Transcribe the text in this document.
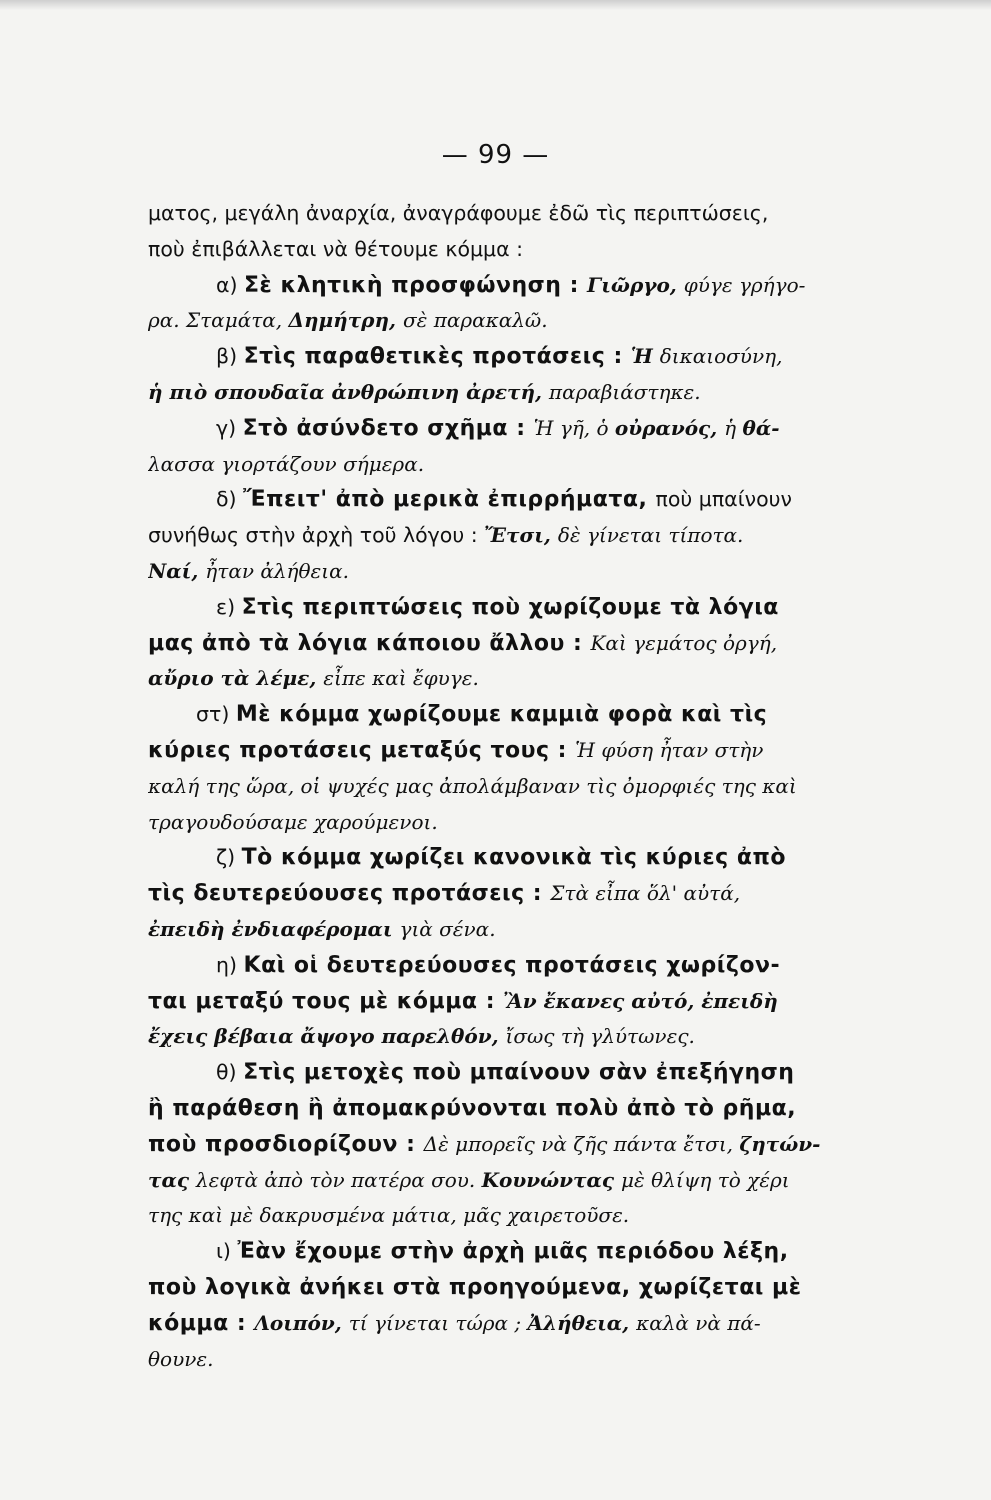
— 99 —
ματος, μεγάλη ἀναρχία, ἀναγράφουμε ἐδῶ τὶς περιπτώσεις,
ποὺ ἐπιβάλλεται νὰ θέτουμε κόμμα :
α) Σὲ κλητικὴ προσφώνηση : Γιῶργο, φύγε γρήγο-
ρα. Σταμάτα, Δημήτρη, σὲ παρακαλῶ.
β) Στὶς παραθετικὲς προτάσεις : Ἡ δικαιοσύνη,
ἡ πιὸ σπουδαῖα ἀνθρώπινη ἀρετή, παραβιάστηκε.
γ) Στὸ ἀσύνδετο σχῆμα : Ἡ γῆ, ὁ οὐρανός, ἡ θά-
λασσα γιορτάζουν σήμερα.
δ) Ἔπειτ' ἀπὸ μερικὰ ἐπιρρήματα, ποὺ μπαίνουν
συνήθως στὴν ἀρχὴ τοῦ λόγου : Ἔτσι, δὲ γίνεται τίποτα.
Ναί, ἦταν ἀλήθεια.
ε) Στὶς περιπτώσεις ποὺ χωρίζουμε τὰ λόγια
μας ἀπὸ τὰ λόγια κάποιου ἄλλου : Καὶ γεμάτος ὀργή,
αὔριο τὰ λέμε, εἶπε καὶ ἔφυγε.
στ) Μὲ κόμμα χωρίζουμε καμμιὰ φορὰ καὶ τὶς
κύριες προτάσεις μεταξύς τους : Ἡ φύση ἦταν στὴν
καλή της ὥρα, οἱ ψυχές μας ἀπολάμβαναν τὶς ὀμορφιές της καὶ
τραγουδούσαμε χαρούμενοι.
ζ) Τὸ κόμμα χωρίζει κανονικὰ τὶς κύριες ἀπὸ
τὶς δευτερεύουσες προτάσεις : Στὰ εἶπα ὅλ' αὐτά,
ἐπειδὴ ἐνδιαφέρομαι γιὰ σένα.
η) Καὶ οἱ δευτερεύουσες προτάσεις χωρίζον-
ται μεταξύ τους μὲ κόμμα : Ἂν ἔκανες αὐτό, ἐπειδὴ
ἔχεις βέβαια ἄψογο παρελθόν, ἴσως τὴ γλύτωνες.
θ) Στὶς μετοχὲς ποὺ μπαίνουν σὰν ἐπεξήγηση
ἢ παράθεση ἢ ἀπομακρύνονται πολὺ ἀπὸ τὸ ρῆμα,
ποὺ προσδιορίζουν : Δὲ μπορεῖς νὰ ζῆς πάντα ἔτσι, ζητών-
τας λεφτὰ ἀπὸ τὸν πατέρα σου. Κουνώντας μὲ θλίψη τὸ χέρι
της καὶ μὲ δακρυσμένα μάτια, μᾶς χαιρετοῦσε.
ι) Ἐὰν ἔχουμε στὴν ἀρχὴ μιᾶς περιόδου λέξη,
ποὺ λογικὰ ἀνήκει στὰ προηγούμενα, χωρίζεται μὲ
κόμμα : Λοιπόν, τί γίνεται τώρα ; Ἀλήθεια, καλὰ νὰ πά-
θουνε.
